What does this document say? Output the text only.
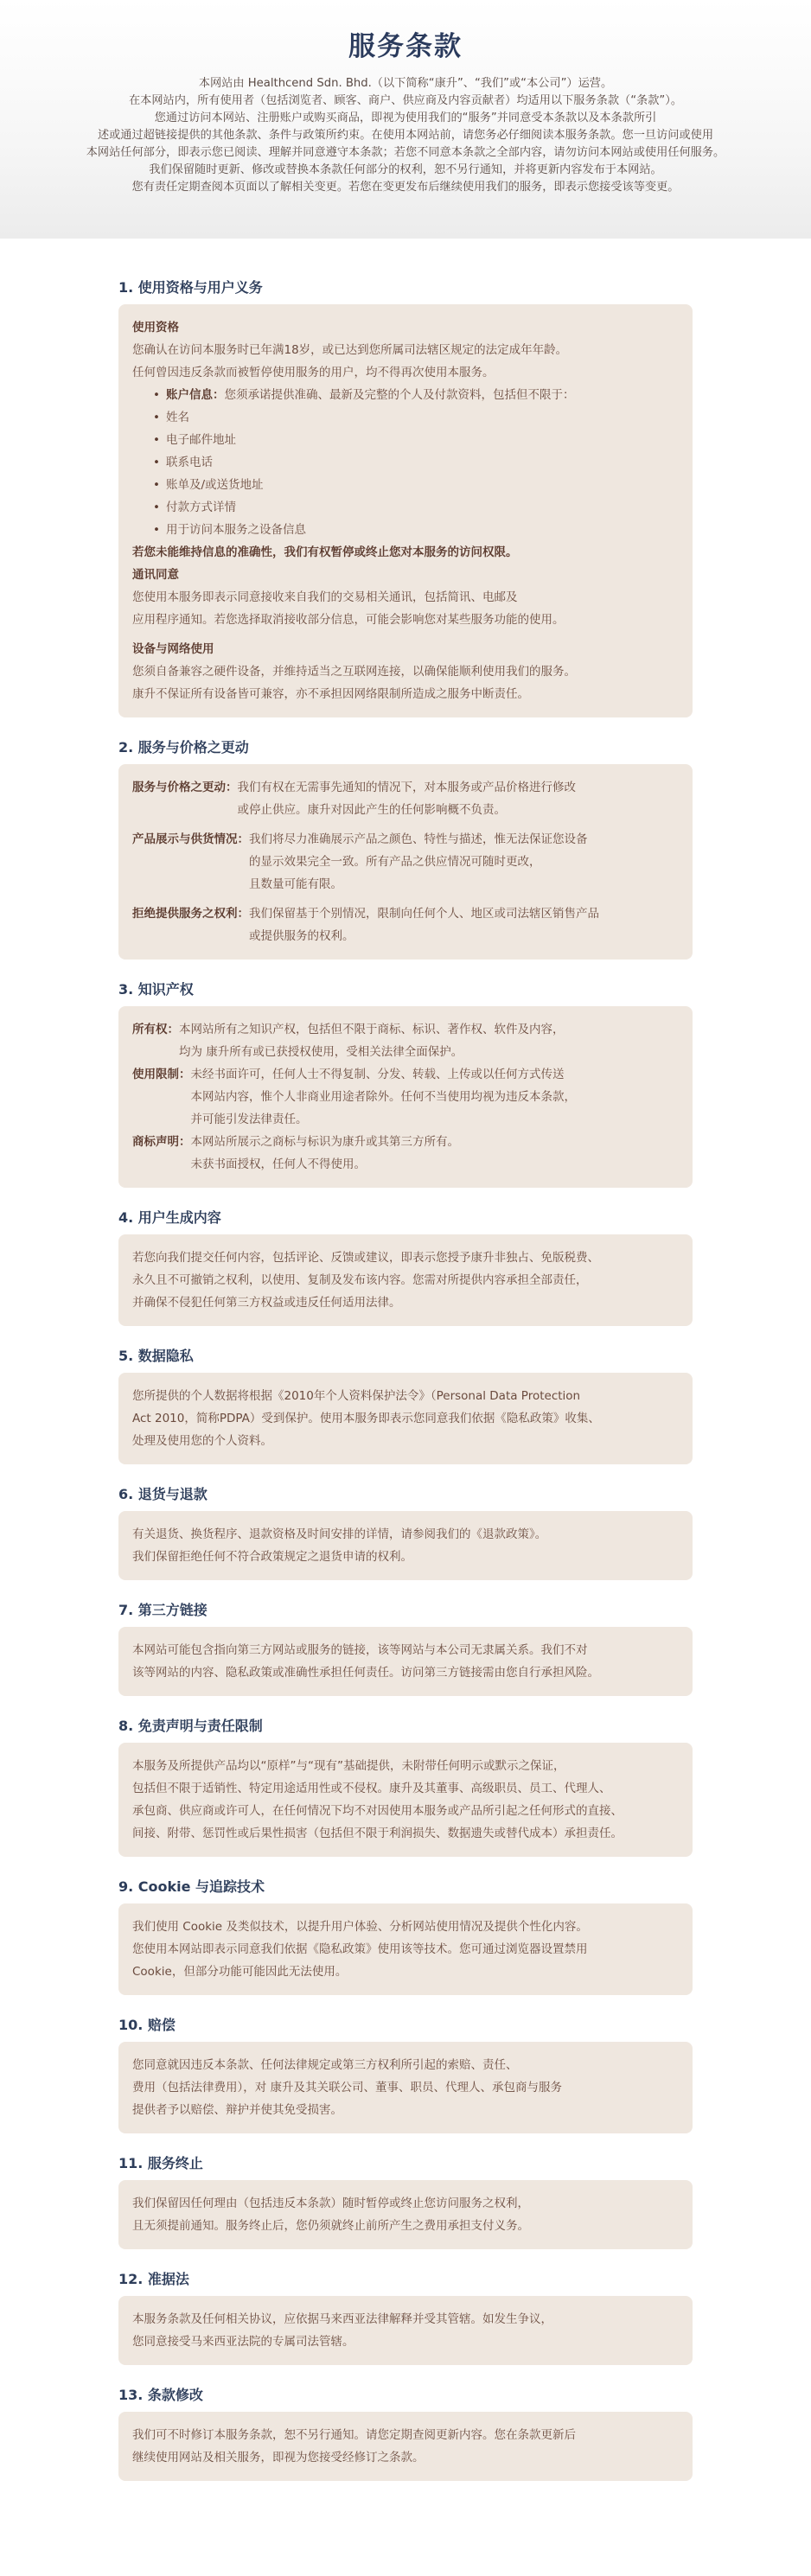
服务条款

本网站由 Healthcend Sdn. Bhd.（以下简称“康升”、“我们”或“本公司”）运营。
在本网站内，所有使用者（包括浏览者、顾客、商户、供应商及内容贡献者）均适用以下服务条款（“条款”）。
您通过访问本网站、注册账户或购买商品，即视为使用我们的“服务”并同意受本条款以及本条款所引
述或通过超链接提供的其他条款、条件与政策所约束。在使用本网站前，请您务必仔细阅读本服务条款。您一旦访问或使用
本网站任何部分，即表示您已阅读、理解并同意遵守本条款；若您不同意本条款之全部内容，请勿访问本网站或使用任何服务。
我们保留随时更新、修改或替换本条款任何部分的权利，恕不另行通知，并将更新内容发布于本网站。
您有责任定期查阅本页面以了解相关变更。若您在变更发布后继续使用我们的服务，即表示您接受该等变更。

1. 使用资格与用户义务
使用资格
您确认在访问本服务时已年满18岁，或已达到您所属司法辖区规定的法定成年年龄。
任何曾因违反条款而被暂停使用服务的用户，均不得再次使用本服务。
• 账户信息：您须承诺提供准确、最新及完整的个人及付款资料，包括但不限于：
• 姓名
• 电子邮件地址
• 联系电话
• 账单及/或送货地址
• 付款方式详情
• 用于访问本服务之设备信息
若您未能维持信息的准确性，我们有权暂停或终止您对本服务的访问权限。
通讯同意
您使用本服务即表示同意接收来自我们的交易相关通讯，包括简讯、电邮及
应用程序通知。若您选择取消接收部分信息，可能会影响您对某些服务功能的使用。
设备与网络使用
您须自备兼容之硬件设备，并维持适当之互联网连接，以确保能顺利使用我们的服务。
康升不保证所有设备皆可兼容，亦不承担因网络限制所造成之服务中断责任。
2. 服务与价格之更动
服务与价格之更动： 我们有权在无需事先通知的情况下，对本服务或产品价格进行修改
或停止供应。康升对因此产生的任何影响概不负责。
产品展示与供货情况： 我们将尽力准确展示产品之颜色、特性与描述，惟无法保证您设备
的显示效果完全一致。所有产品之供应情况可随时更改，
且数量可能有限。
拒绝提供服务之权利： 我们保留基于个别情况，限制向任何个人、地区或司法辖区销售产品
或提供服务的权利。
3. 知识产权
所有权： 本网站所有之知识产权，包括但不限于商标、标识、著作权、软件及内容，
均为 康升所有或已获授权使用，受相关法律全面保护。
使用限制： 未经书面许可，任何人士不得复制、分发、转载、上传或以任何方式传送
本网站内容，惟个人非商业用途者除外。任何不当使用均视为违反本条款，
并可能引发法律责任。
商标声明： 本网站所展示之商标与标识为康升或其第三方所有。
未获书面授权，任何人不得使用。
4. 用户生成内容
若您向我们提交任何内容，包括评论、反馈或建议，即表示您授予康升非独占、免版税费、
永久且不可撤销之权利，以使用、复制及发布该内容。您需对所提供内容承担全部责任，
并确保不侵犯任何第三方权益或违反任何适用法律。
5. 数据隐私
您所提供的个人数据将根据《2010年个人资料保护法令》（Personal Data Protection
Act 2010，简称PDPA）受到保护。使用本服务即表示您同意我们依据《隐私政策》收集、
处理及使用您的个人资料。
6. 退货与退款
有关退货、换货程序、退款资格及时间安排的详情，请参阅我们的《退款政策》。
我们保留拒绝任何不符合政策规定之退货申请的权利。
7. 第三方链接
本网站可能包含指向第三方网站或服务的链接，该等网站与本公司无隶属关系。我们不对
该等网站的内容、隐私政策或准确性承担任何责任。访问第三方链接需由您自行承担风险。
8. 免责声明与责任限制
本服务及所提供产品均以“原样”与“现有”基础提供，未附带任何明示或默示之保证，
包括但不限于适销性、特定用途适用性或不侵权。康升及其董事、高级职员、员工、代理人、
承包商、供应商或许可人，在任何情况下均不对因使用本服务或产品所引起之任何形式的直接、
间接、附带、惩罚性或后果性损害（包括但不限于利润损失、数据遗失或替代成本）承担责任。
9. Cookie 与追踪技术
我们使用 Cookie 及类似技术，以提升用户体验、分析网站使用情况及提供个性化内容。
您使用本网站即表示同意我们依据《隐私政策》使用该等技术。您可通过浏览器设置禁用
Cookie，但部分功能可能因此无法使用。
10. 赔偿
您同意就因违反本条款、任何法律规定或第三方权利所引起的索赔、责任、
费用（包括法律费用），对 康升及其关联公司、董事、职员、代理人、承包商与服务
提供者予以赔偿、辩护并使其免受损害。
11. 服务终止
我们保留因任何理由（包括违反本条款）随时暂停或终止您访问服务之权利，
且无须提前通知。服务终止后，您仍须就终止前所产生之费用承担支付义务。
12. 准据法
本服务条款及任何相关协议，应依据马来西亚法律解释并受其管辖。如发生争议，
您同意接受马来西亚法院的专属司法管辖。
13. 条款修改
我们可不时修订本服务条款，恕不另行通知。请您定期查阅更新内容。您在条款更新后
继续使用网站及相关服务，即视为您接受经修订之条款。
